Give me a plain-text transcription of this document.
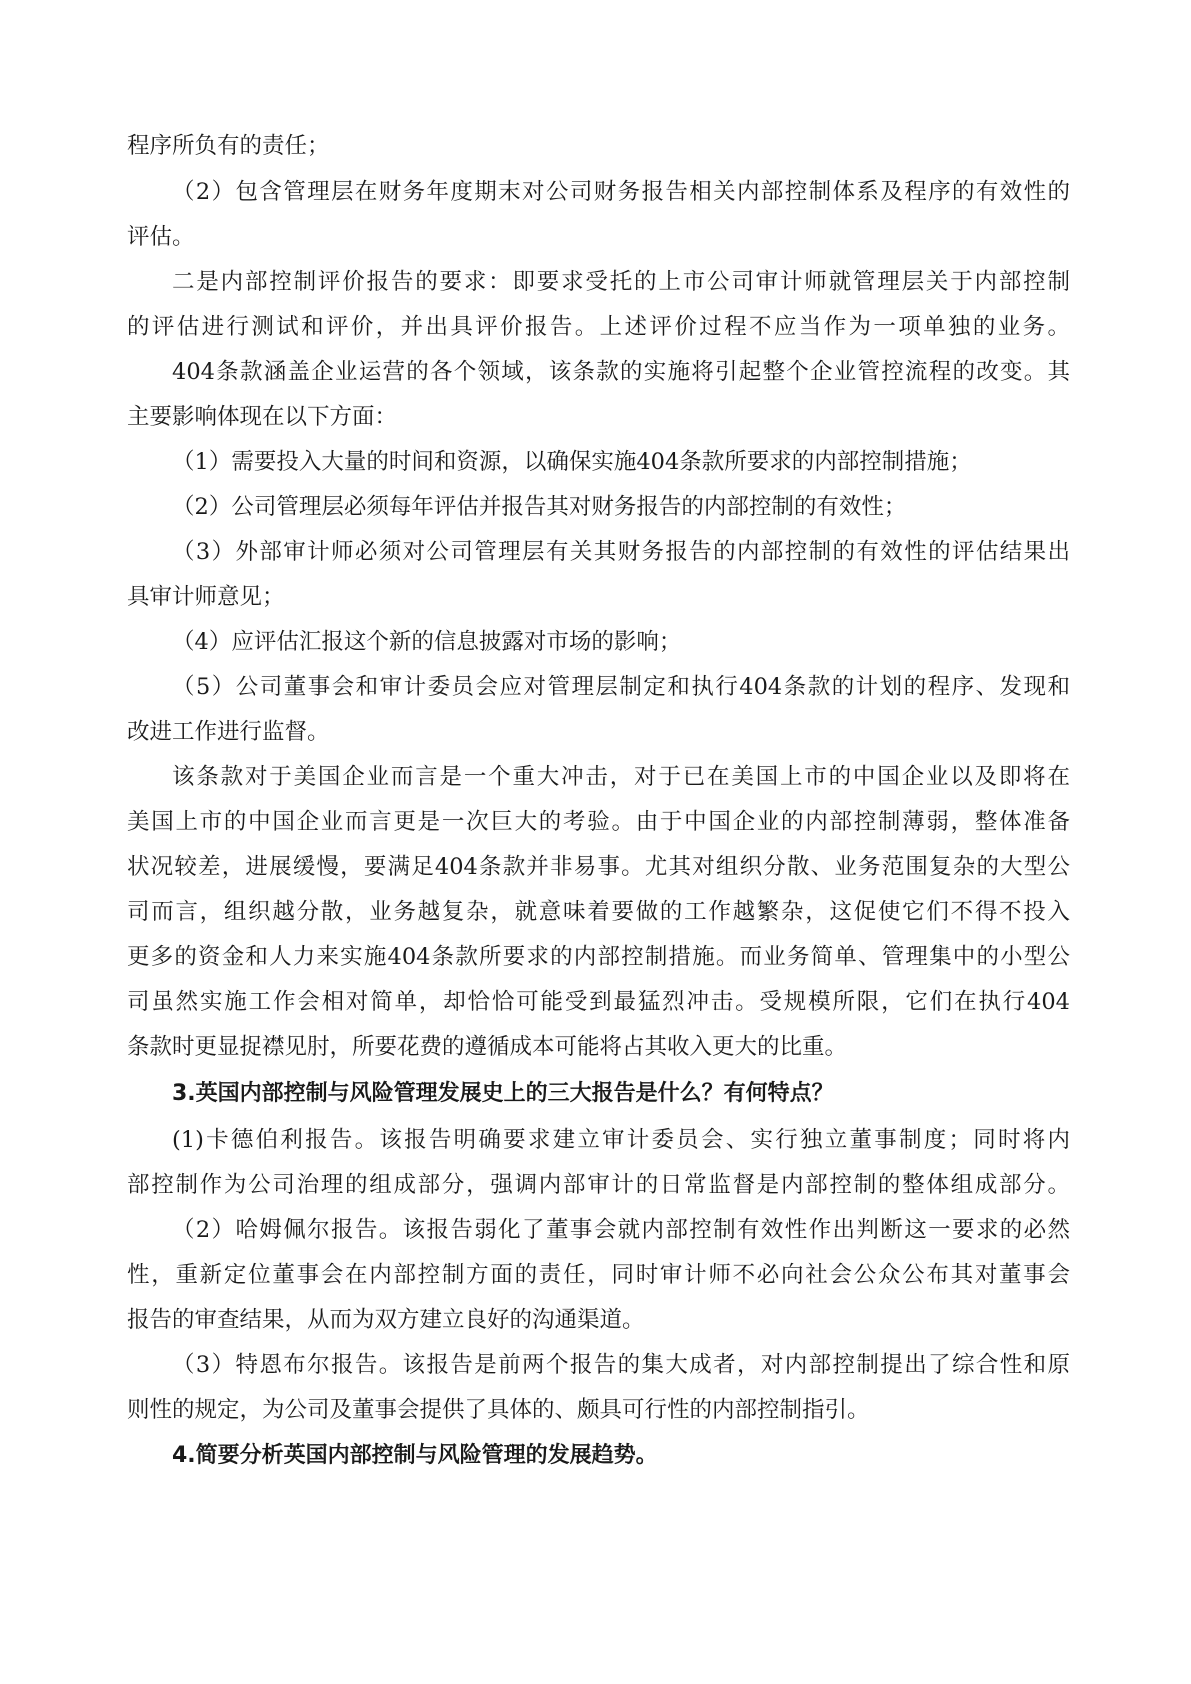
程序所负有的责任；
（2）包含管理层在财务年度期末对公司财务报告相关内部控制体系及程序的有效性的
评估。
二是内部控制评价报告的要求：即要求受托的上市公司审计师就管理层关于内部控制
的评估进行测试和评价，并出具评价报告。上述评价过程不应当作为一项单独的业务。
404条款涵盖企业运营的各个领域，该条款的实施将引起整个企业管控流程的改变。其
主要影响体现在以下方面：
（1）需要投入大量的时间和资源，以确保实施404条款所要求的内部控制措施；
（2）公司管理层必须每年评估并报告其对财务报告的内部控制的有效性；
（3）外部审计师必须对公司管理层有关其财务报告的内部控制的有效性的评估结果出
具审计师意见；
（4）应评估汇报这个新的信息披露对市场的影响；
（5）公司董事会和审计委员会应对管理层制定和执行404条款的计划的程序、发现和
改进工作进行监督。
该条款对于美国企业而言是一个重大冲击，对于已在美国上市的中国企业以及即将在
美国上市的中国企业而言更是一次巨大的考验。由于中国企业的内部控制薄弱，整体准备
状况较差，进展缓慢，要满足404条款并非易事。尤其对组织分散、业务范围复杂的大型公
司而言，组织越分散，业务越复杂，就意味着要做的工作越繁杂，这促使它们不得不投入
更多的资金和人力来实施404条款所要求的内部控制措施。而业务简单、管理集中的小型公
司虽然实施工作会相对简单，却恰恰可能受到最猛烈冲击。受规模所限，它们在执行404
条款时更显捉襟见肘，所要花费的遵循成本可能将占其收入更大的比重。
3.英国内部控制与风险管理发展史上的三大报告是什么？有何特点？
(1)卡德伯利报告。该报告明确要求建立审计委员会、实行独立董事制度；同时将内
部控制作为公司治理的组成部分，强调内部审计的日常监督是内部控制的整体组成部分。
（2）哈姆佩尔报告。该报告弱化了董事会就内部控制有效性作出判断这一要求的必然
性，重新定位董事会在内部控制方面的责任，同时审计师不必向社会公众公布其对董事会
报告的审查结果，从而为双方建立良好的沟通渠道。
（3）特恩布尔报告。该报告是前两个报告的集大成者，对内部控制提出了综合性和原
则性的规定，为公司及董事会提供了具体的、颇具可行性的内部控制指引。
4.简要分析英国内部控制与风险管理的发展趋势。
